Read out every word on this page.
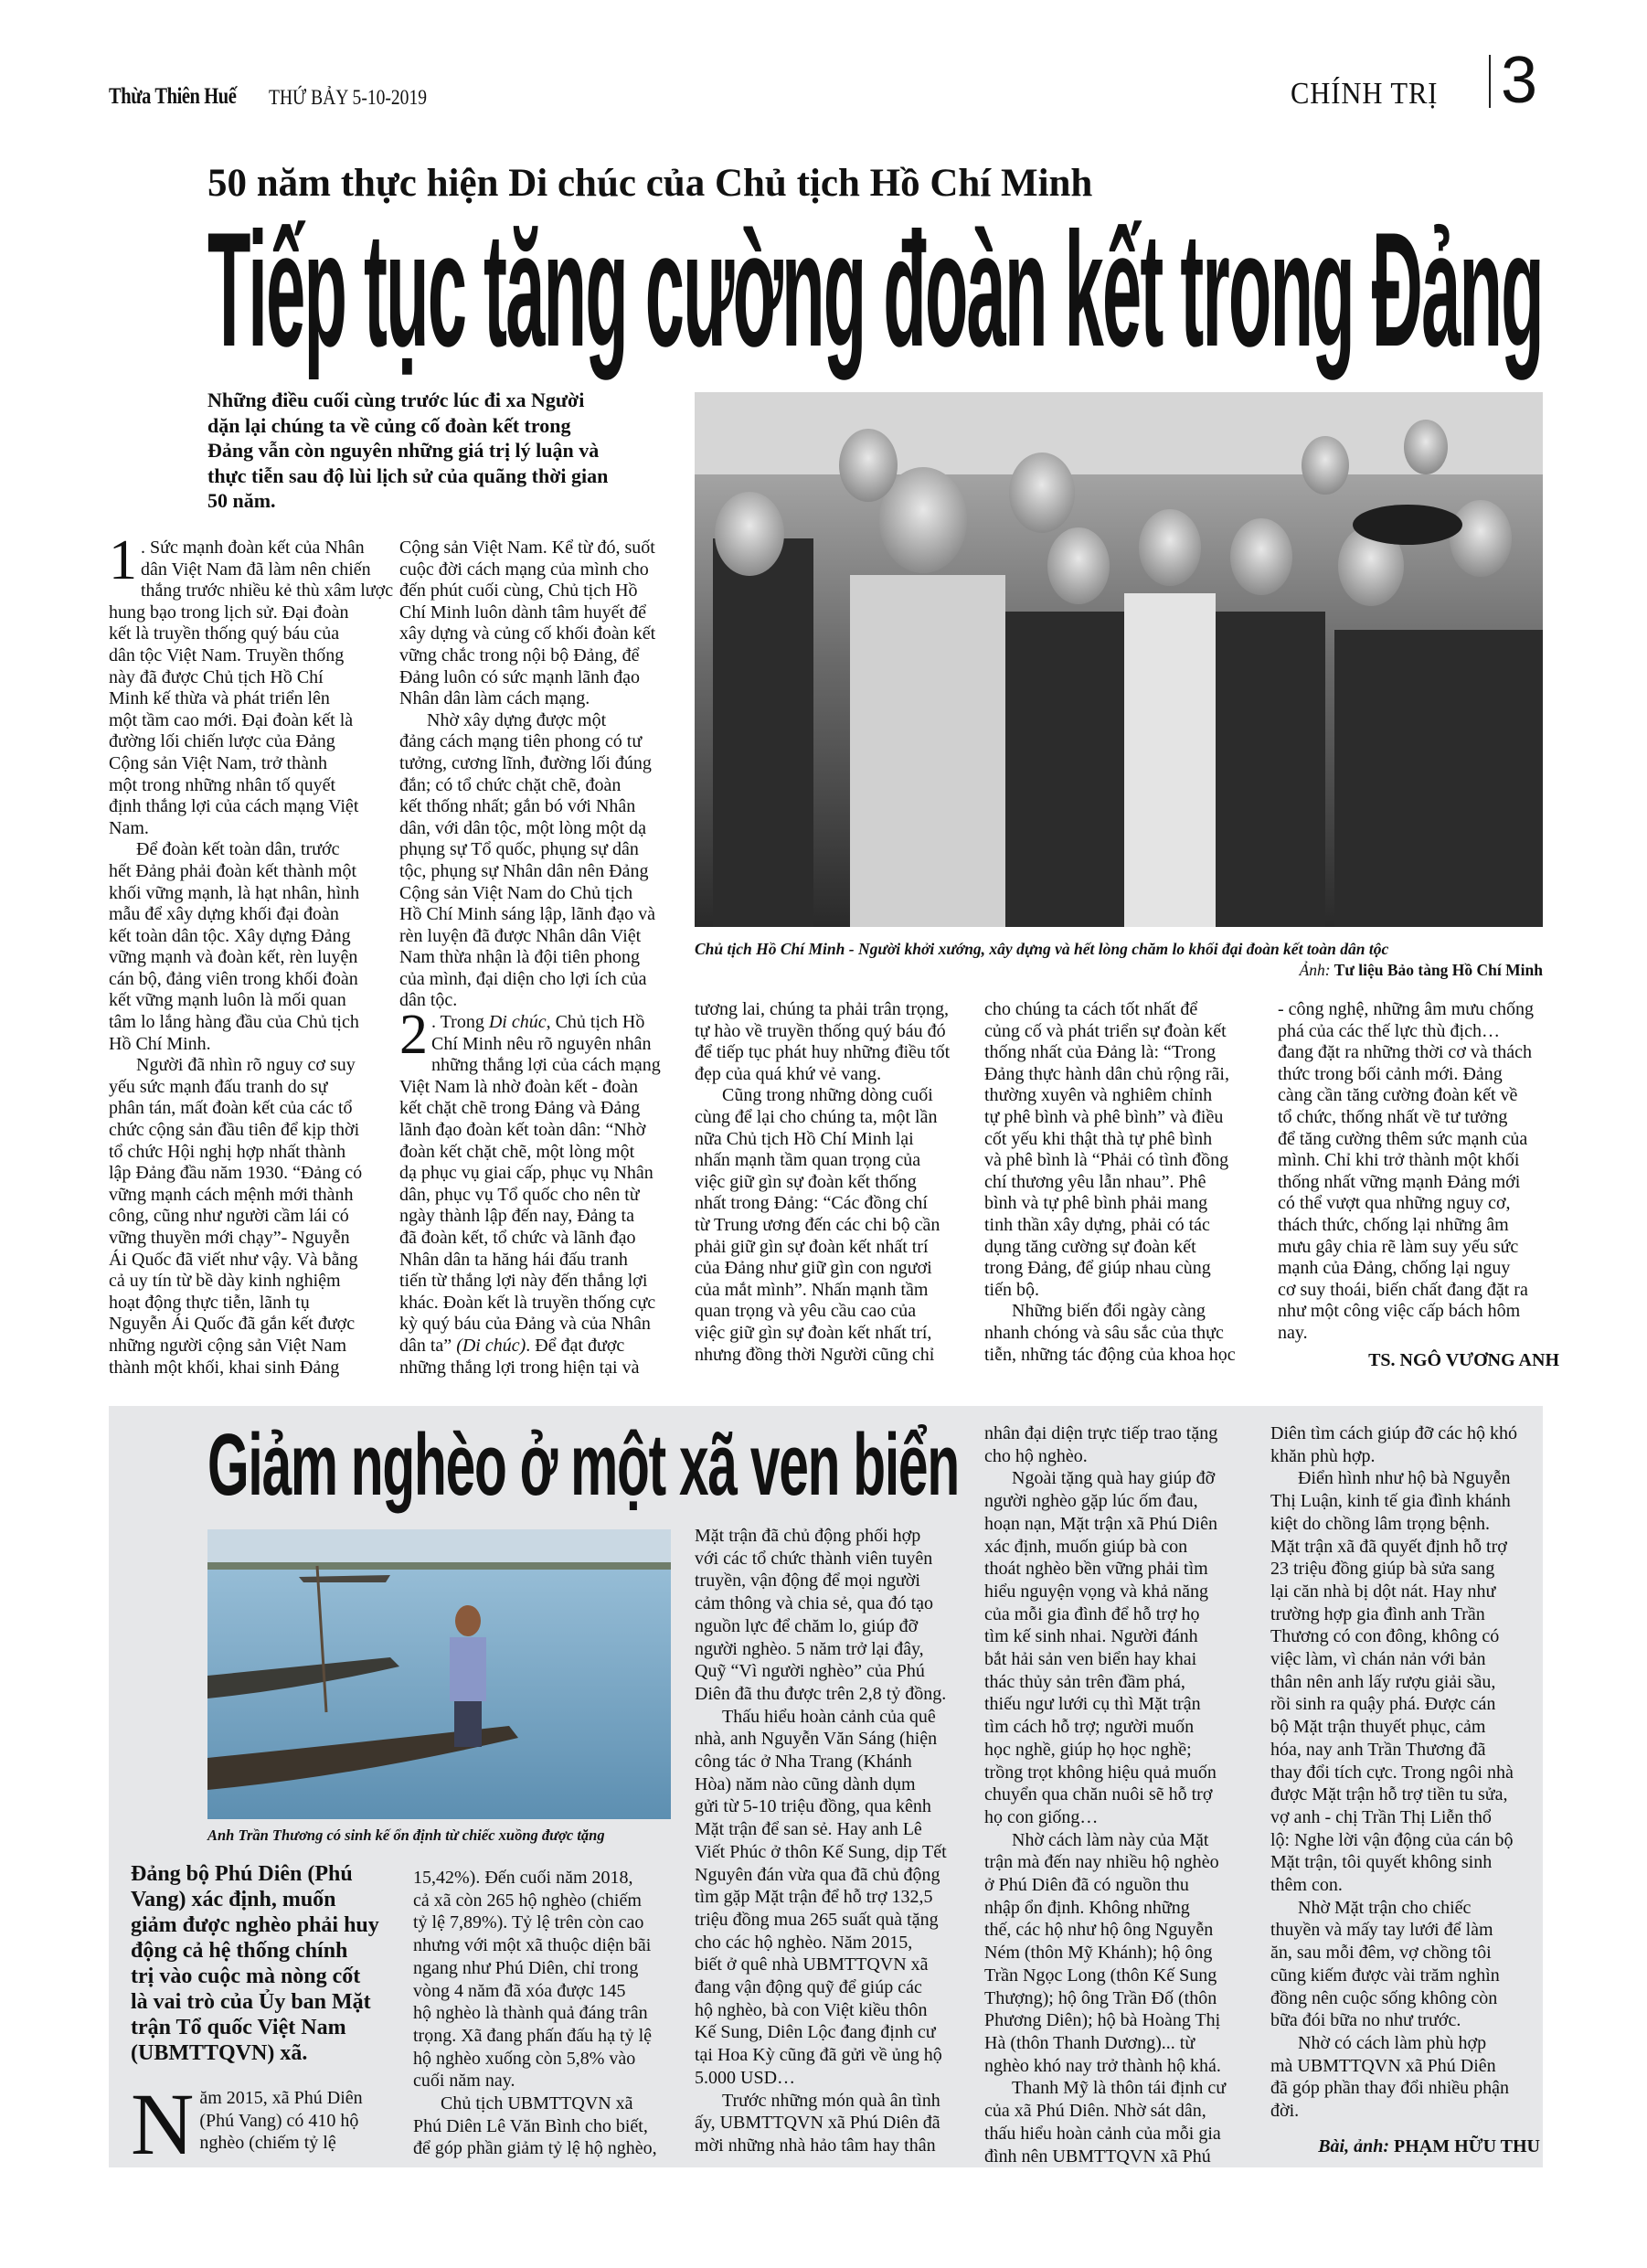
Thừa Thiên Huế THỨ BẢY 5-10-2019	CHÍNH TRỊ 3
50 năm thực hiện Di chúc của Chủ tịch Hồ Chí Minh
Tiếp tục tăng cường đoàn kết trong Đảng
Những điều cuối cùng trước lúc đi xa Người
dặn lại chúng ta về củng cố đoàn kết trong
Đảng vẫn còn nguyên những giá trị lý luận và
thực tiễn sau độ lùi lịch sử của quãng thời gian
50 năm.
Chủ tịch Hồ Chí Minh - Người khởi xướng, xây dựng và hết lòng chăm lo khối đại đoàn kết toàn dân tộc
Ảnh: Tư liệu Bảo tàng Hồ Chí Minh

1 . Sức mạnh đoàn kết của Nhân
dân Việt Nam đã làm nên chiến
thắng trước nhiều kẻ thù xâm lược
hung bạo trong lịch sử. Đại đoàn
kết là truyền thống quý báu của
dân tộc Việt Nam. Truyền thống
này đã được Chủ tịch Hồ Chí
Minh kế thừa và phát triển lên
một tầm cao mới. Đại đoàn kết là
đường lối chiến lược của Đảng
Cộng sản Việt Nam, trở thành
một trong những nhân tố quyết
định thắng lợi của cách mạng Việt
Nam.

Để đoàn kết toàn dân, trước
hết Đảng phải đoàn kết thành một
khối vững mạnh, là hạt nhân, hình
mẫu để xây dựng khối đại đoàn
kết toàn dân tộc. Xây dựng Đảng
vững mạnh và đoàn kết, rèn luyện
cán bộ, đảng viên trong khối đoàn
kết vững mạnh luôn là mối quan
tâm lo lắng hàng đầu của Chủ tịch
Hồ Chí Minh.

Người đã nhìn rõ nguy cơ suy
yếu sức mạnh đấu tranh do sự
phân tán, mất đoàn kết của các tổ
chức cộng sản đầu tiên để kịp thời
tổ chức Hội nghị hợp nhất thành
lập Đảng đầu năm 1930. “Đảng có
vững mạnh cách mệnh mới thành
công, cũng như người cầm lái có
vững thuyền mới chạy”- Nguyễn
Ái Quốc đã viết như vậy. Và bằng
cả uy tín từ bề dày kinh nghiệm
hoạt động thực tiễn, lãnh tụ
Nguyễn Ái Quốc đã gắn kết được
những người cộng sản Việt Nam
thành một khối, khai sinh Đảng

Cộng sản Việt Nam. Kể từ đó, suốt
cuộc đời cách mạng của mình cho
đến phút cuối cùng, Chủ tịch Hồ
Chí Minh luôn dành tâm huyết để
xây dựng và củng cố khối đoàn kết
vững chắc trong nội bộ Đảng, để
Đảng luôn có sức mạnh lãnh đạo
Nhân dân làm cách mạng.

Nhờ xây dựng được một
đảng cách mạng tiên phong có tư
tưởng, cương lĩnh, đường lối đúng
đắn; có tổ chức chặt chẽ, đoàn
kết thống nhất; gắn bó với Nhân
dân, với dân tộc, một lòng một dạ
phụng sự Tổ quốc, phụng sự dân
tộc, phụng sự Nhân dân nên Đảng
Cộng sản Việt Nam do Chủ tịch
Hồ Chí Minh sáng lập, lãnh đạo và
rèn luyện đã được Nhân dân Việt
Nam thừa nhận là đội tiên phong
của mình, đại diện cho lợi ích của
dân tộc.

2 . Trong Di chúc, Chủ tịch Hồ
Chí Minh nêu rõ nguyên nhân
những thắng lợi của cách mạng
Việt Nam là nhờ đoàn kết - đoàn
kết chặt chẽ trong Đảng và Đảng
lãnh đạo đoàn kết toàn dân: “Nhờ
đoàn kết chặt chẽ, một lòng một
dạ phục vụ giai cấp, phục vụ Nhân
dân, phục vụ Tổ quốc cho nên từ
ngày thành lập đến nay, Đảng ta
đã đoàn kết, tổ chức và lãnh đạo
Nhân dân ta hăng hái đấu tranh
tiến từ thắng lợi này đến thắng lợi
khác. Đoàn kết là truyền thống cực
kỳ quý báu của Đảng và của Nhân
dân ta” (Di chúc). Để đạt được
những thắng lợi trong hiện tại và

tương lai, chúng ta phải trân trọng,
tự hào về truyền thống quý báu đó
để tiếp tục phát huy những điều tốt
đẹp của quá khứ vẻ vang.

Cũng trong những dòng cuối
cùng để lại cho chúng ta, một lần
nữa Chủ tịch Hồ Chí Minh lại
nhấn mạnh tầm quan trọng của
việc giữ gìn sự đoàn kết thống
nhất trong Đảng: “Các đồng chí
từ Trung ương đến các chi bộ cần
phải giữ gìn sự đoàn kết nhất trí
của Đảng như giữ gìn con ngươi
của mắt mình”. Nhấn mạnh tầm
quan trọng và yêu cầu cao của
việc giữ gìn sự đoàn kết nhất trí,
nhưng đồng thời Người cũng chỉ

cho chúng ta cách tốt nhất để
củng cố và phát triển sự đoàn kết
thống nhất của Đảng là: “Trong
Đảng thực hành dân chủ rộng rãi,
thường xuyên và nghiêm chỉnh
tự phê bình và phê bình” và điều
cốt yếu khi thật thà tự phê bình
và phê bình là “Phải có tình đồng
chí thương yêu lẫn nhau”. Phê
bình và tự phê bình phải mang
tinh thần xây dựng, phải có tác
dụng tăng cường sự đoàn kết
trong Đảng, để giúp nhau cùng
tiến bộ.

Những biến đổi ngày càng
nhanh chóng và sâu sắc của thực
tiễn, những tác động của khoa học

- công nghệ, những âm mưu chống
phá của các thế lực thù địch…
đang đặt ra những thời cơ và thách
thức trong bối cảnh mới. Đảng
càng cần tăng cường đoàn kết về
tổ chức, thống nhất về tư tưởng
để tăng cường thêm sức mạnh của
mình. Chỉ khi trở thành một khối
thống nhất vững mạnh Đảng mới
có thể vượt qua những nguy cơ,
thách thức, chống lại những âm
mưu gây chia rẽ làm suy yếu sức
mạnh của Đảng, chống lại nguy
cơ suy thoái, biến chất đang đặt ra
như một công việc cấp bách hôm
nay.

TS. NGÔ VƯƠNG ANH

Giảm nghèo ở một xã ven biển
Anh Trần Thương có sinh kế ổn định từ chiếc xuồng được tặng
Đảng bộ Phú Diên (Phú
Vang) xác định, muốn
giảm được nghèo phải huy
động cả hệ thống chính
trị vào cuộc mà nòng cốt
là vai trò của Ủy ban Mặt
trận Tổ quốc Việt Nam
(UBMTTQVN) xã.

Năm 2015, xã Phú Diên
(Phú Vang) có 410 hộ
nghèo (chiếm tỷ lệ

15,42%). Đến cuối năm 2018,
cả xã còn 265 hộ nghèo (chiếm
tỷ lệ 7,89%). Tỷ lệ trên còn cao
nhưng với một xã thuộc diện bãi
ngang như Phú Diên, chỉ trong
vòng 4 năm đã xóa được 145
hộ nghèo là thành quả đáng trân
trọng. Xã đang phấn đấu hạ tỷ lệ
hộ nghèo xuống còn 5,8% vào
cuối năm nay.

Chủ tịch UBMTTQVN xã
Phú Diên Lê Văn Bình cho biết,
để góp phần giảm tỷ lệ hộ nghèo,

Mặt trận đã chủ động phối hợp
với các tổ chức thành viên tuyên
truyền, vận động để mọi người
cảm thông và chia sẻ, qua đó tạo
nguồn lực để chăm lo, giúp đỡ
người nghèo. 5 năm trở lại đây,
Quỹ “Vì người nghèo” của Phú
Diên đã thu được trên 2,8 tỷ đồng.

Thấu hiểu hoàn cảnh của quê
nhà, anh Nguyễn Văn Sáng (hiện
công tác ở Nha Trang (Khánh
Hòa) năm nào cũng dành dụm
gửi từ 5-10 triệu đồng, qua kênh
Mặt trận để san sẻ. Hay anh Lê
Viết Phúc ở thôn Kế Sung, dịp Tết
Nguyên đán vừa qua đã chủ động
tìm gặp Mặt trận để hỗ trợ 132,5
triệu đồng mua 265 suất quà tặng
cho các hộ nghèo. Năm 2015,
biết ở quê nhà UBMTTQVN xã
đang vận động quỹ để giúp các
hộ nghèo, bà con Việt kiều thôn
Kế Sung, Diên Lộc đang định cư
tại Hoa Kỳ cũng đã gửi về ủng hộ
5.000 USD…

Trước những món quà ân tình
ấy, UBMTTQVN xã Phú Diên đã
mời những nhà hảo tâm hay thân

nhân đại diện trực tiếp trao tặng
cho hộ nghèo.

Ngoài tặng quà hay giúp đỡ
người nghèo gặp lúc ốm đau,
hoạn nạn, Mặt trận xã Phú Diên
xác định, muốn giúp bà con
thoát nghèo bền vững phải tìm
hiểu nguyện vọng và khả năng
của mỗi gia đình để hỗ trợ họ
tìm kế sinh nhai. Người đánh
bắt hải sản ven biển hay khai
thác thủy sản trên đầm phá,
thiếu ngư lưới cụ thì Mặt trận
tìm cách hỗ trợ; người muốn
học nghề, giúp họ học nghề;
trồng trọt không hiệu quả muốn
chuyển qua chăn nuôi sẽ hỗ trợ
họ con giống…

Nhờ cách làm này của Mặt
trận mà đến nay nhiều hộ nghèo
ở Phú Diên đã có nguồn thu
nhập ổn định. Không những
thế, các hộ như hộ ông Nguyễn
Ném (thôn Mỹ Khánh); hộ ông
Trần Ngọc Long (thôn Kế Sung
Thượng); hộ ông Trần Đố (thôn
Phương Diên); hộ bà Hoàng Thị
Hà (thôn Thanh Dương)... từ
nghèo khó nay trở thành hộ khá.

Thanh Mỹ là thôn tái định cư
của xã Phú Diên. Nhờ sát dân,
thấu hiểu hoàn cảnh của mỗi gia
đình nên UBMTTQVN xã Phú

Diên tìm cách giúp đỡ các hộ khó
khăn phù hợp.

Điển hình như hộ bà Nguyễn
Thị Luận, kinh tế gia đình khánh
kiệt do chồng lâm trọng bệnh.
Mặt trận xã đã quyết định hỗ trợ
23 triệu đồng giúp bà sửa sang
lại căn nhà bị dột nát. Hay như
trường hợp gia đình anh Trần
Thương có con đông, không có
việc làm, vì chán nản với bản
thân nên anh lấy rượu giải sầu,
rồi sinh ra quậy phá. Được cán
bộ Mặt trận thuyết phục, cảm
hóa, nay anh Trần Thương đã
thay đổi tích cực. Trong ngôi nhà
được Mặt trận hỗ trợ tiền tu sửa,
vợ anh - chị Trần Thị Liễn thổ
lộ: Nghe lời vận động của cán bộ
Mặt trận, tôi quyết không sinh
thêm con.

Nhờ Mặt trận cho chiếc
thuyền và mấy tay lưới để làm
ăn, sau mỗi đêm, vợ chồng tôi
cũng kiếm được vài trăm nghìn
đồng nên cuộc sống không còn
bữa đói bữa no như trước.

Nhờ có cách làm phù hợp
mà UBMTTQVN xã Phú Diên
đã góp phần thay đổi nhiều phận
đời.

Bài, ảnh: PHẠM HỮU THU
